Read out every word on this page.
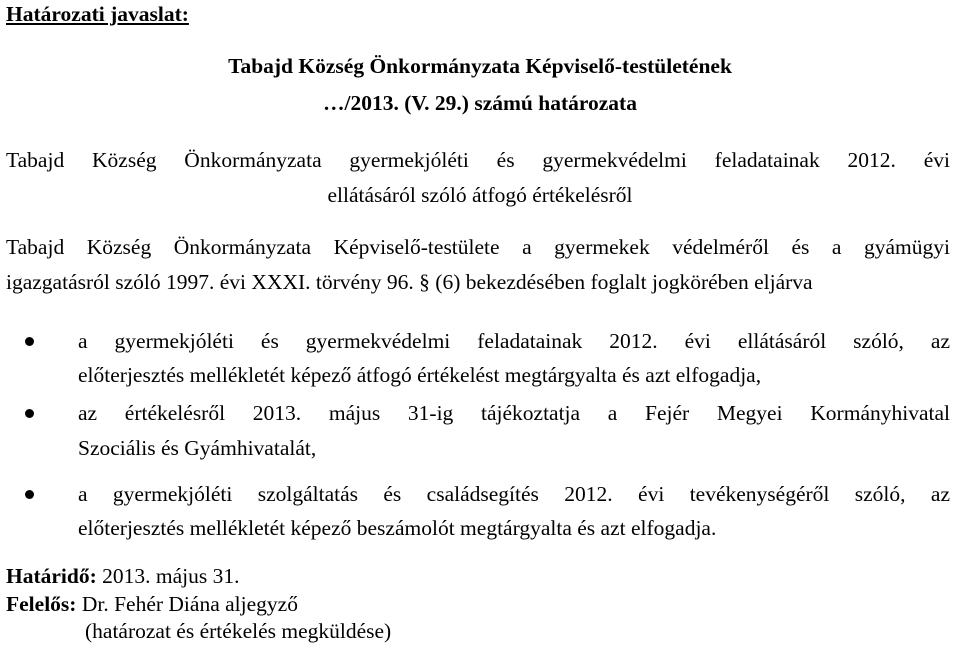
Határozati javaslat:
Tabajd Község Önkormányzata Képviselő-testületének
…/2013. (V. 29.) számú határozata
Tabajd Község Önkormányzata gyermekjóléti és gyermekvédelmi feladatainak 2012. évi
ellátásáról szóló átfogó értékelésről
Tabajd Község Önkormányzata Képviselő-testülete a gyermekek védelméről és a gyámügyi
igazgatásról szóló 1997. évi XXXI. törvény 96. § (6) bekezdésében foglalt jogkörében eljárva
a gyermekjóléti és gyermekvédelmi feladatainak 2012. évi ellátásáról szóló, az
előterjesztés mellékletét képező átfogó értékelést megtárgyalta és azt elfogadja,
az értékelésről 2013. május 31-ig tájékoztatja a Fejér Megyei Kormányhivatal
Szociális és Gyámhivatalát,
a gyermekjóléti szolgáltatás és családsegítés 2012. évi tevékenységéről szóló, az
előterjesztés mellékletét képező beszámolót megtárgyalta és azt elfogadja.
Határidő: 2013. május 31.
Felelős: Dr. Fehér Diána aljegyző
(határozat és értékelés megküldése)
